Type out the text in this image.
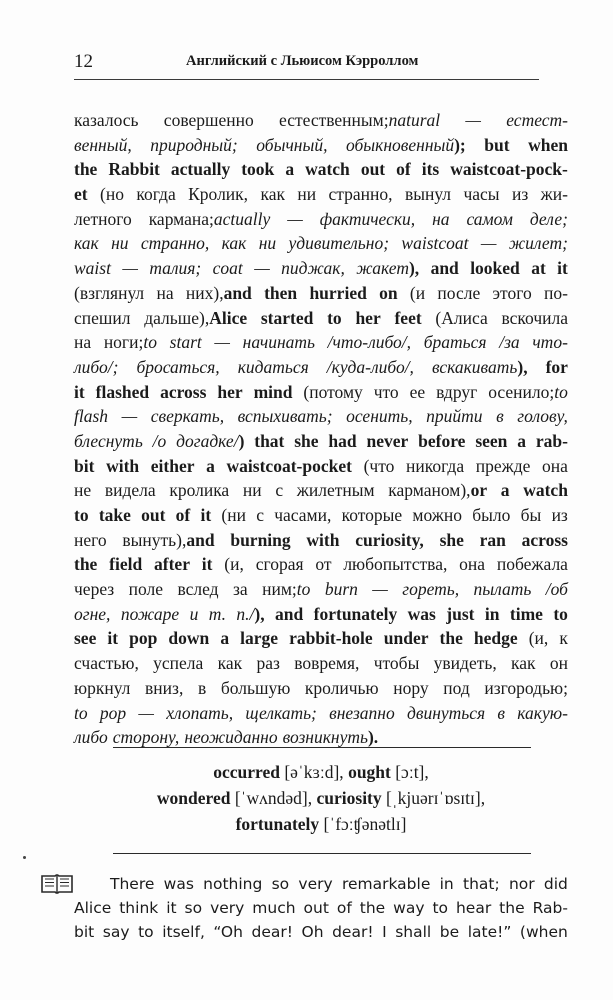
12	Английский с Льюисом Кэрроллом
казалось совершенно естественным;natural — естест-
венный, природный; обычный, обыкновенный); but when
the Rabbit actually took a watch out of its waistcoat-pock-
et (но когда Кролик, как ни странно, вынул часы из жи-
летного кармана;actually — фактически, на самом деле;
как ни странно, как ни удивительно; waistcoat — жилет;
waist — талия; coat — пиджак, жакет), and looked at it
(взглянул на них),and then hurried on (и после этого по-
спешил дальше),Alice started to her feet (Алиса вскочила
на ноги;to start — начинать /что-либо/, браться /за что-
либо/; бросаться, кидаться /куда-либо/, вскакивать), for
it flashed across her mind (потому что ее вдруг осенило;to
flash — сверкать, вспыхивать; осенить, прийти в голову,
блеснуть /о догадке/) that she had never before seen a rab-
bit with either a waistcoat-pocket (что никогда прежде она
не видела кролика ни с жилетным карманом),or a watch
to take out of it (ни с часами, которые можно было бы из
него вынуть),and burning with curiosity, she ran across
the field after it (и, сгорая от любопытства, она побежала
через поле вслед за ним;to burn — гореть, пылать /об
огне, пожаре и т. п./), and fortunately was just in time to
see it pop down a large rabbit-hole under the hedge (и, к
счастью, успела как раз вовремя, чтобы увидеть, как он
юркнул вниз, в большую кроличью нору под изгородью;
to pop — хлопать, щелкать; внезапно двинуться в какую-
либо сторону, неожиданно возникнуть).
occurred [əˈkɜːd], ought [ɔːt],
wondered [ˈwʌndəd], curiosity [ˌkjuərɪˈɒsɪtɪ],
fortunately [ˈfɔːʧənətlɪ]
There was nothing so very remarkable in that; nor did
Alice think it so very much out of the way to hear the Rab-
bit say to itself, “Oh dear! Oh dear! I shall be late!” (when
